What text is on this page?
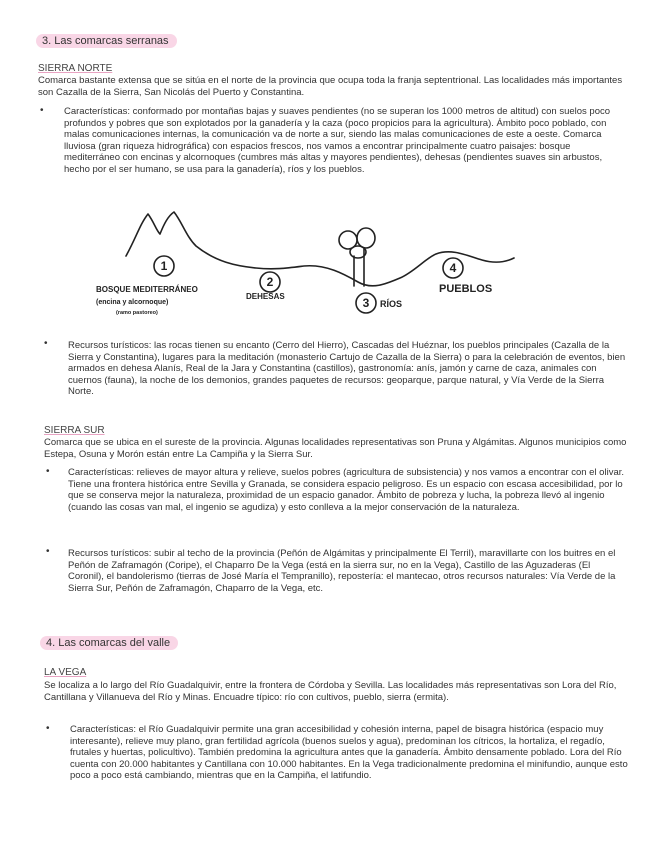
3. Las comarcas serranas
SIERRA NORTE

Comarca bastante extensa que se sitúa en el norte de la provincia que ocupa toda la franja septentrional. Las localidades más importantes son Cazalla de la Sierra, San Nicolás del Puerto y Constantina.

• Características: conformado por montañas bajas y suaves pendientes (no se superan los 1000 metros de altitud) con suelos poco profundos y pobres que son explotados por la ganadería y la caza (poco propicios para la agricultura). Ámbito poco poblado, con malas comunicaciones internas, la comunicación va de norte a sur, siendo las malas comunicaciones de este a oeste. Comarca lluviosa (gran riqueza hidrográfica) con espacios frescos, nos vamos a encontrar principalmente cuatro paisajes: bosque mediterráneo con encinas y alcornoques (cumbres más altas y mayores pendientes), dehesas (pendientes suaves sin arbustos, hecho por el ser humano, se usa para la ganadería), ríos y los pueblos.

1
2
3
4
BOSQUE MEDITERRÁNEO
(encina y alcornoque)
(ramo pastoreo)
DEHESAS
RÍOS
PUEBLOS
• Recursos turísticos: las rocas tienen su encanto (Cerro del Hierro), Cascadas del Huéznar, los pueblos principales (Cazalla de la Sierra y Constantina), lugares para la meditación (monasterio Cartujo de Cazalla de la Sierra) o para la celebración de eventos, bien armados en dehesa Alanís, Real de la Jara y Constantina (castillos), gastronomía: anís, jamón y carne de caza, animales con cuernos (fauna), la noche de los demonios, grandes paquetes de recursos: geoparque, parque natural, y Vía Verde de la Sierra Norte.

SIERRA SUR

Comarca que se ubica en el sureste de la provincia. Algunas localidades representativas son Pruna y Algámitas. Algunos municipios como Estepa, Osuna y Morón están entre La Campiña y la Sierra Sur.

• Características: relieves de mayor altura y relieve, suelos pobres (agricultura de subsistencia) y nos vamos a encontrar con el olivar. Tiene una frontera histórica entre Sevilla y Granada, se considera espacio peligroso. Es un espacio con escasa accesibilidad, por lo que se conserva mejor la naturaleza, proximidad de un espacio ganador. Ámbito de pobreza y lucha, la pobreza llevó al ingenio (cuando las cosas van mal, el ingenio se agudiza) y esto conlleva a la mejor conservación de la naturaleza.

• Recursos turísticos: subir al techo de la provincia (Peñón de Algámitas y principalmente El Terril), maravillarte con los buitres en el Peñón de Zaframagón (Coripe), el Chaparro De la Vega (está en la sierra sur, no en la Vega), Castillo de las Aguzaderas (El Coronil), el bandolerismo (tierras de José María el Tempranillo), repostería: el mantecao, otros recursos naturales: Vía Verde de la Sierra Sur, Peñón de Zaframagón, Chaparro de la Vega, etc.

4. Las comarcas del valle
LA VEGA

Se localiza a lo largo del Río Guadalquivir, entre la frontera de Córdoba y Sevilla. Las localidades más representativas son Lora del Río, Cantillana y Villanueva del Río y Minas. Encuadre típico: río con cultivos, pueblo, sierra (ermita).

• Características: el Río Guadalquivir permite una gran accesibilidad y cohesión interna, papel de bisagra histórica (espacio muy interesante), relieve muy plano, gran fertilidad agrícola (buenos suelos y agua), predominan los cítricos, la hortaliza, el regadío, frutales y huertas, policultivo). También predomina la agricultura antes que la ganadería. Ámbito densamente poblado. Lora del Río cuenta con 20.000 habitantes y Cantillana con 10.000 habitantes. En la Vega tradicionalmente predomina el minifundio, aunque esto poco a poco está cambiando, mientras que en la Campiña, el latifundio.
